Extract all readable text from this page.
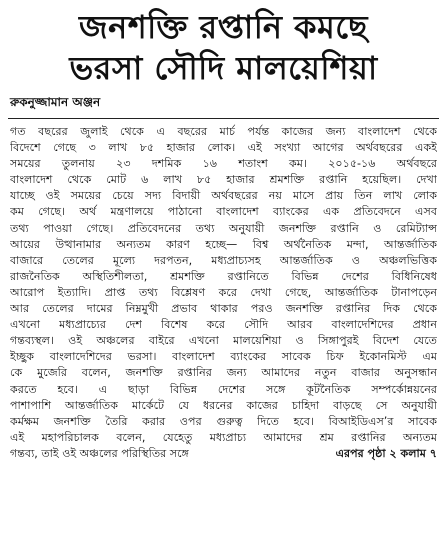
জনশক্তি রপ্তানি কমছে
ভরসা সৌদি মালয়েশিয়া
রুকনুজ্জামান অঞ্জন
গত বছরের জুলাই থেকে এ বছরের মার্চ পর্যন্ত কাজের জন্য বাংলাদেশ থেকে
বিদেশে গেছে ৩ লাখ ৮৫ হাজার লোক। এই সংখ্যা আগের অর্থবছরের একই
সময়ের তুলনায় ২৩ দশমিক ১৬ শতাংশ কম। ২০১৫-১৬ অর্থবছরে
বাংলাদেশ থেকে মোট ৬ লাখ ৮৫ হাজার শ্রমশক্তি রপ্তানি হয়েছিল। দেখা
যাচ্ছে ওই সময়ের চেয়ে সদ্য বিদায়ী অর্থবছরের নয় মাসে প্রায় তিন লাখ লোক
কম গেছে। অর্থ মন্ত্রণালয়ে পাঠানো বাংলাদেশ ব্যাংকের এক প্রতিবেদনে এসব
তথ্য পাওয়া গেছে। প্রতিবেদনের তথ্য অনুযায়ী জনশক্তি রপ্তানি ও রেমিট্যান্স
আয়ের উত্থানামার অন্যতম কারণ হচ্ছে— বিশ্ব অর্থনৈতিক মন্দা, আন্তর্জাতিক
বাজারে তেলের মূল্যে দরপতন, মধ্যপ্রাচ্যসহ আন্তর্জাতিক ও অঞ্চলভিত্তিক
রাজনৈতিক অস্থিতিশীলতা, শ্রমশক্তি রপ্তানিতে বিভিন্ন দেশের বিধিনিষেধ
আরোপ ইত্যাদি। প্রাপ্ত তথ্য বিশ্লেষণ করে দেখা গেছে, আন্তর্জাতিক টানাপড়েন
আর তেলের দামের নিম্নমুখী প্রভাব থাকার পরও জনশক্তি রপ্তানির দিক থেকে
এখনো মধ্যপ্রাচ্যের দেশ বিশেষ করে সৌদি আরব বাংলাদেশিদের প্রধান
গন্তব্যস্থল। ওই অঞ্চলের বাইরে এখনো মালয়েশিয়া ও সিঙ্গাপুরই বিদেশ যেতে
ইচ্ছুক বাংলাদেশিদের ভরসা। বাংলাদেশ ব্যাংকের সাবেক চিফ ইকোনমিস্ট এম
কে মুজেরি বলেন, জনশক্তি রপ্তানির জন্য আমাদের নতুন বাজার অনুসন্ধান
করতে হবে। এ ছাড়া বিভিন্ন দেশের সঙ্গে কূটনৈতিক সম্পর্কোন্নয়নের
পাশাপাশি আন্তর্জাতিক মার্কেটে যে ধরনের কাজের চাহিদা বাড়ছে সে অনুযায়ী
কর্মক্ষম জনশক্তি তৈরি করার ওপর গুরুত্ব দিতে হবে। বিআইডিএস’র সাবেক
এই মহাপরিচালক বলেন, যেহেতু মধ্যপ্রাচ্য আমাদের শ্রম রপ্তানির অন্যতম
গন্তব্য, তাই ওই অঞ্চলের পরিস্থিতির সঙ্গে	এরপর পৃষ্ঠা ২ কলাম ৭
